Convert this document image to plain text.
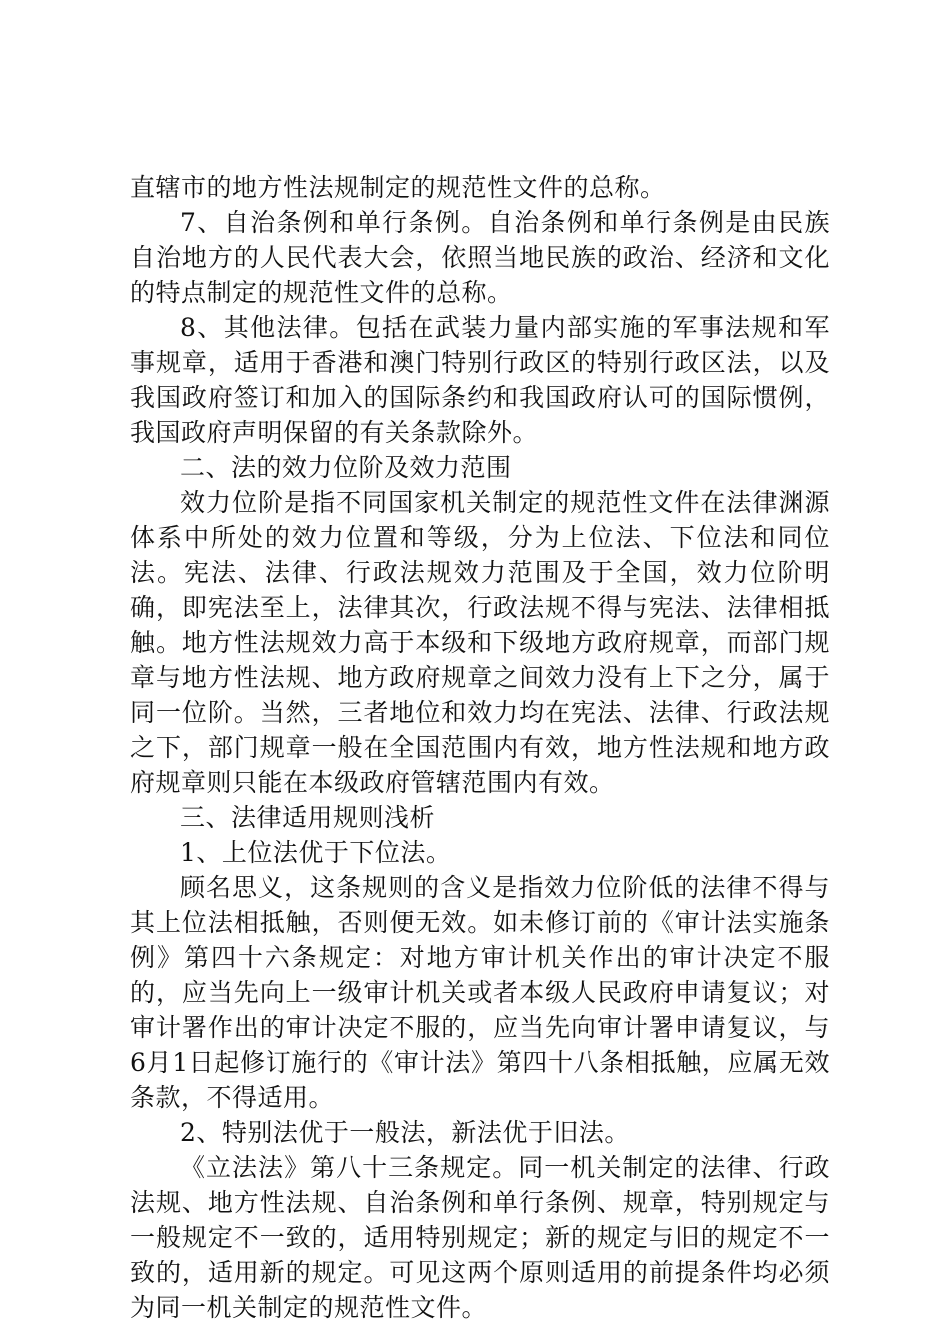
直辖市的地方性法规制定的规范性文件的总称。

7、自治条例和单行条例。自治条例和单行条例是由民族自治地方的人民代表大会，依照当地民族的政治、经济和文化的特点制定的规范性文件的总称。

8、其他法律。包括在武装力量内部实施的军事法规和军事规章，适用于香港和澳门特别行政区的特别行政区法，以及我国政府签订和加入的国际条约和我国政府认可的国际惯例，我国政府声明保留的有关条款除外。

二、法的效力位阶及效力范围

效力位阶是指不同国家机关制定的规范性文件在法律渊源体系中所处的效力位置和等级，分为上位法、下位法和同位法。宪法、法律、行政法规效力范围及于全国，效力位阶明确，即宪法至上，法律其次，行政法规不得与宪法、法律相抵触。地方性法规效力高于本级和下级地方政府规章，而部门规章与地方性法规、地方政府规章之间效力没有上下之分，属于同一位阶。当然，三者地位和效力均在宪法、法律、行政法规之下，部门规章一般在全国范围内有效，地方性法规和地方政府规章则只能在本级政府管辖范围内有效。

三、法律适用规则浅析

1、上位法优于下位法。

顾名思义，这条规则的含义是指效力位阶低的法律不得与其上位法相抵触，否则便无效。如未修订前的《审计法实施条例》第四十六条规定：对地方审计机关作出的审计决定不服的，应当先向上一级审计机关或者本级人民政府申请复议；对审计署作出的审计决定不服的，应当先向审计署申请复议，与6月1日起修订施行的《审计法》第四十八条相抵触，应属无效条款，不得适用。

2、特别法优于一般法，新法优于旧法。

《立法法》第八十三条规定。同一机关制定的法律、行政法规、地方性法规、自治条例和单行条例、规章，特别规定与一般规定不一致的，适用特别规定；新的规定与旧的规定不一致的，适用新的规定。可见这两个原则适用的前提条件均必须为同一机关制定的规范性文件。
